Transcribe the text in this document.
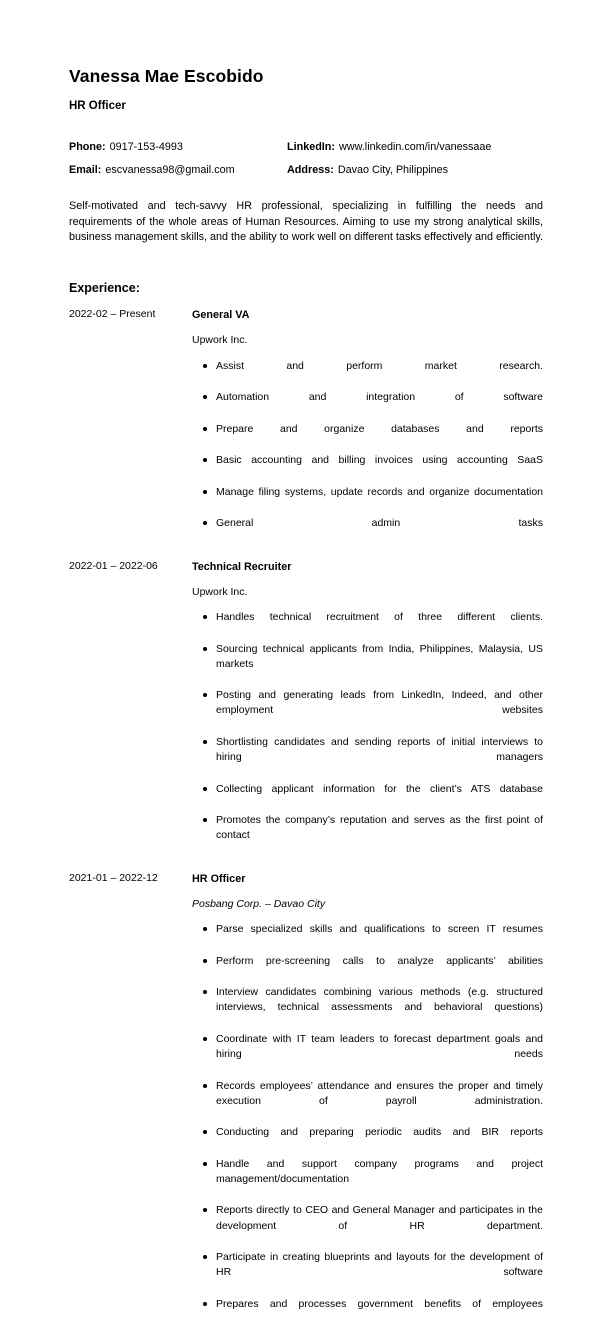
Vanessa Mae Escobido
HR Officer
Phone: 0917-153-4993	LinkedIn: www.linkedin.com/in/vanessaae
Email: escvanessa98@gmail.com	Address: Davao City, Philippines

Self-motivated and tech-savvy HR professional, specializing in fulfilling the needs and requirements of the whole areas of Human Resources. Aiming to use my strong analytical skills, business management skills, and the ability to work well on different tasks effectively and efficiently.

Experience:
2022-02 – Present	General VA
Upwork Inc.
Assist and perform market research.
Automation and integration of software
Prepare and organize databases and reports
Basic accounting and billing invoices using accounting SaaS
Manage filing systems, update records and organize documentation
General admin tasks
2022-01 – 2022-06	Technical Recruiter
Upwork Inc.
Handles technical recruitment of three different clients.
Sourcing technical applicants from India, Philippines, Malaysia, US markets
Posting and generating leads from LinkedIn, Indeed, and other employment websites
Shortlisting candidates and sending reports of initial interviews to hiring managers
Collecting applicant information for the client’s ATS database
Promotes the company’s reputation and serves as the first point of contact
2021-01 – 2022-12	HR Officer
Posbang Corp. – Davao City
Parse specialized skills and qualifications to screen IT resumes
Perform pre-screening calls to analyze applicants’ abilities
Interview candidates combining various methods (e.g. structured interviews, technical assessments and behavioral questions)
Coordinate with IT team leaders to forecast department goals and hiring needs
Records employees’ attendance and ensures the proper and timely execution of payroll administration.
Conducting and preparing periodic audits and BIR reports
Handle and support company programs and project management/documentation
Reports directly to CEO and General Manager and participates in the development of HR department.
Participate in creating blueprints and layouts for the development of HR software
Prepares and processes government benefits of employees
